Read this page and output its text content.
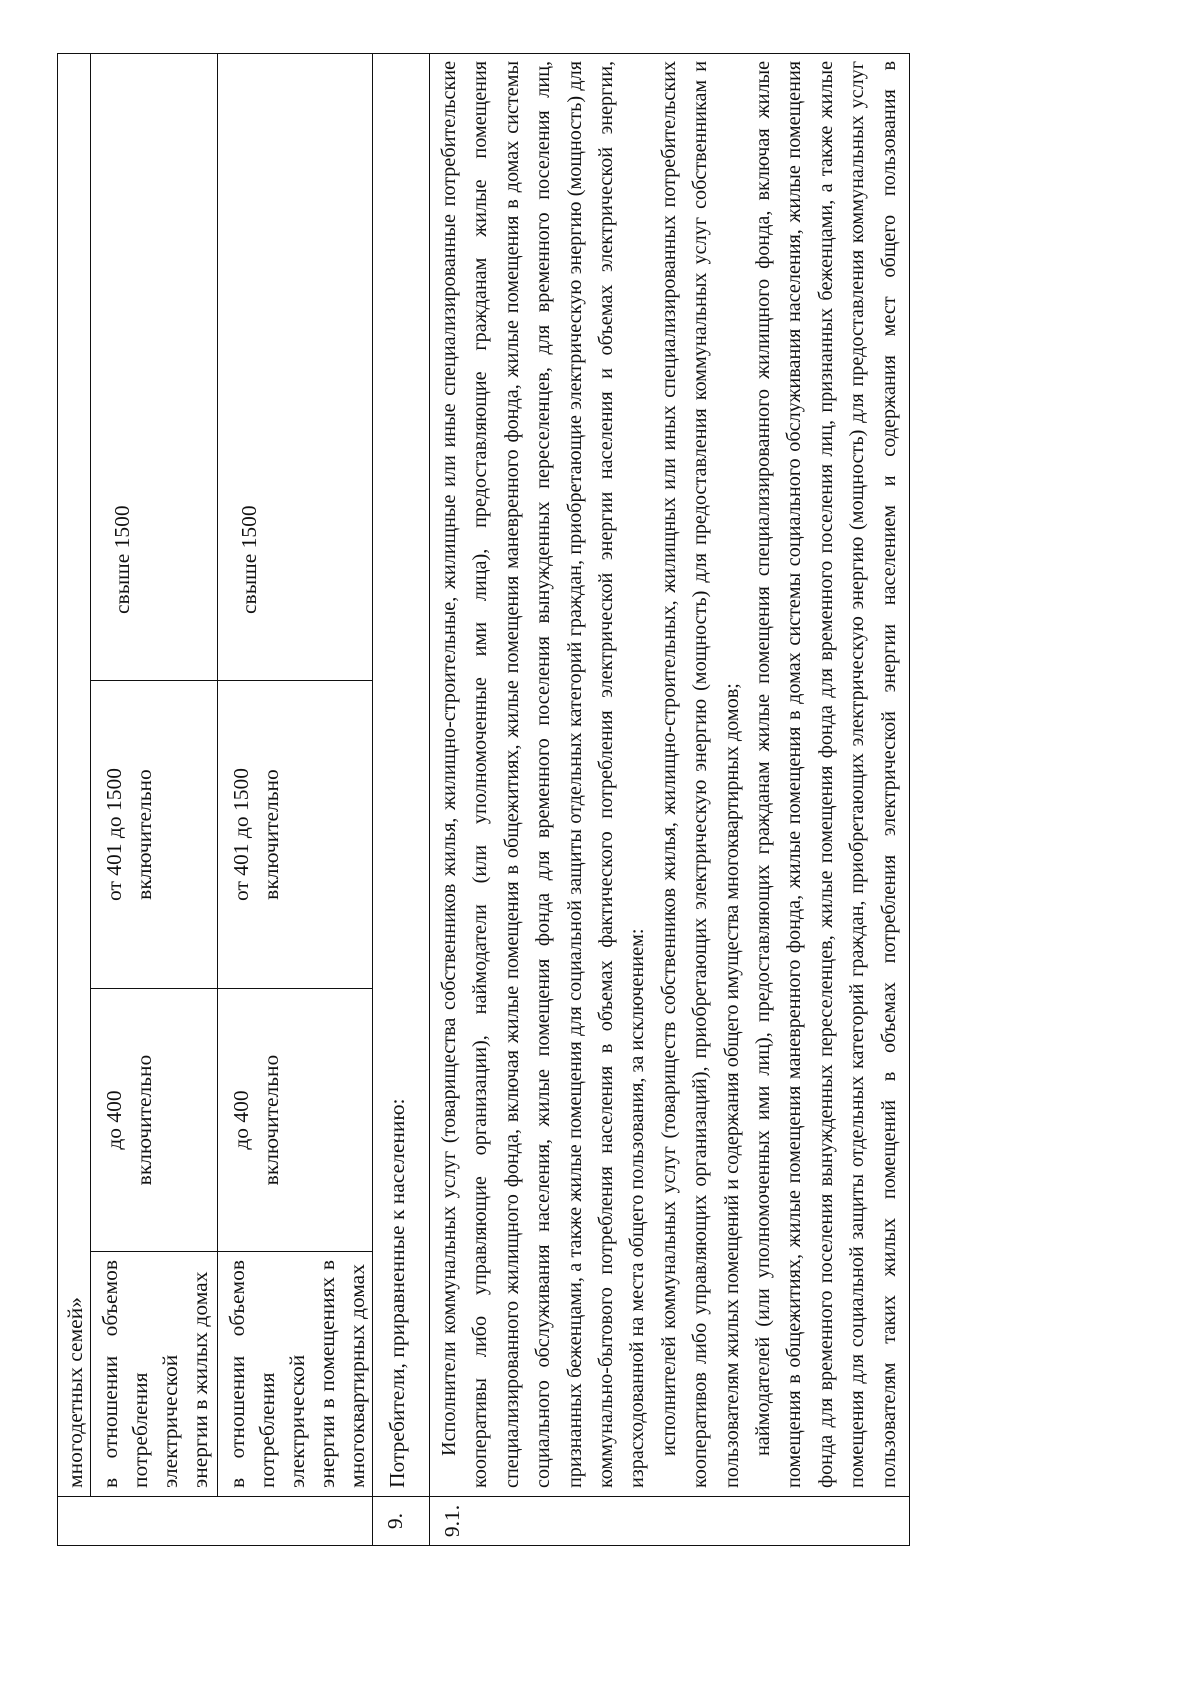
	многодетных семей»			

	в отношении объемов потребления электрической энергии в жилых домах	до 400 включительно	от 401 до 1500 включительно	свыше 1500

	в отношении объемов потребления электрической энергии в помещениях в многоквартирных домах	до 400 включительно	от 401 до 1500 включительно	свыше 1500
9.	Потребители, приравненные к населению:			
9.1.	Исполнители коммунальных услуг (товарищества собственников жилья, жилищно-строительные, жилищные или иные специализированные потребительские кооперативы либо управляющие организации), наймодатели (или уполномоченные ими лица), предоставляющие гражданам жилые помещения специализированного жилищного фонда, включая жилые помещения в общежитиях, жилые помещения маневренного фонда, жилые помещения в домах системы социального обслуживания населения, жилые помещения фонда для временного поселения вынужденных переселенцев, для временного поселения лиц, признанных беженцами, а также жилые помещения для социальной защиты отдельных категорий граждан, приобретающие электрическую энергию (мощность) для коммунально-бытового потребления населения в объемах фактического потребления электрической энергии населения и объемах электрической энергии, израсходованной на места общего пользования, за исключением: исполнителей коммунальных услуг (товариществ собственников жилья, жилищно-строительных, жилищных или иных специализированных потребительских кооперативов либо управляющих организаций), приобретающих электрическую энергию (мощность) для предоставления коммунальных услуг собственникам и пользователям жилых помещений и содержания общего имущества многоквартирных домов; наймодателей (или уполномоченных ими лиц), предоставляющих гражданам жилые помещения специализированного жилищного фонда, включая жилые помещения в общежитиях, жилые помещения маневренного фонда, жилые помещения в домах системы социального обслуживания населения, жилые помещения фонда для временного поселения вынужденных переселенцев, жилые помещения фонда для временного поселения лиц, признанных беженцами, а также жилые помещения для социальной защиты отдельных категорий граждан, приобретающих электрическую энергию (мощность) для предоставления коммунальных услуг пользователям таких жилых помещений в объемах потребления электрической энергии населением и содержания мест общего пользования в			
